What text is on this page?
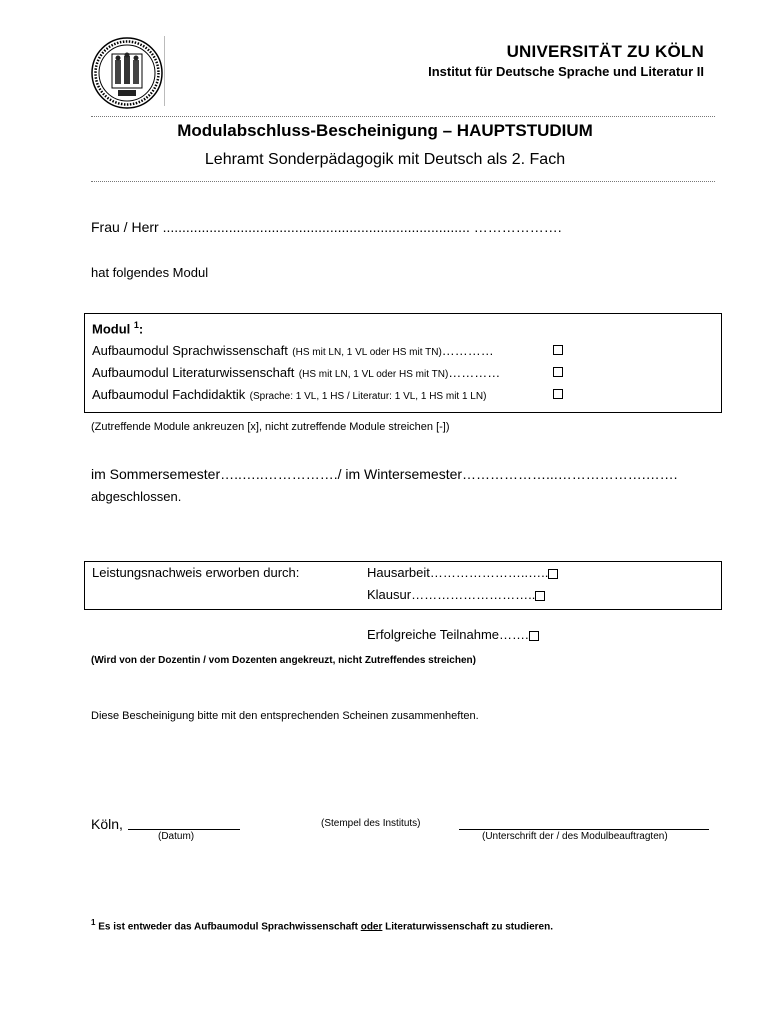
UNIVERSITÄT ZU KÖLN
Institut für Deutsche Sprache und Literatur II
Modulabschluss-Bescheinigung – HAUPTSTUDIUM
Lehramt Sonderpädagogik mit Deutsch als 2. Fach
Frau / Herr ............................................................................... ……………….
hat folgendes Modul
Modul $^1$:
Aufbaumodul Sprachwissenschaft (HS mit LN, 1 VL oder HS mit TN)…………
Aufbaumodul Literaturwissenschaft (HS mit LN, 1 VL oder HS mit TN)…………
Aufbaumodul Fachdidaktik (Sprache: 1 VL, 1 HS / Literatur: 1 VL, 1 HS mit 1 LN)
(Zutreffende Module ankreuzen [x], nicht zutreffende Module streichen [-])
im Sommersemester…..…..……………./ im Wintersemester………………...……………….…….
abgeschlossen.
Leistungsnachweis erworben durch:	Hausarbeit…………………..…..
Klausur………………………..
Erfolgreiche Teilnahme…….
(Wird von der Dozentin / vom Dozenten angekreuzt, nicht Zutreffendes streichen)
Diese Bescheinigung bitte mit den entsprechenden Scheinen zusammenheften.
Köln,
(Datum)
(Stempel des Instituts)
(Unterschrift der / des Modulbeauftragten)
$^1$ Es ist entweder das Aufbaumodul Sprachwissenschaft oder Literaturwissenschaft zu studieren.
